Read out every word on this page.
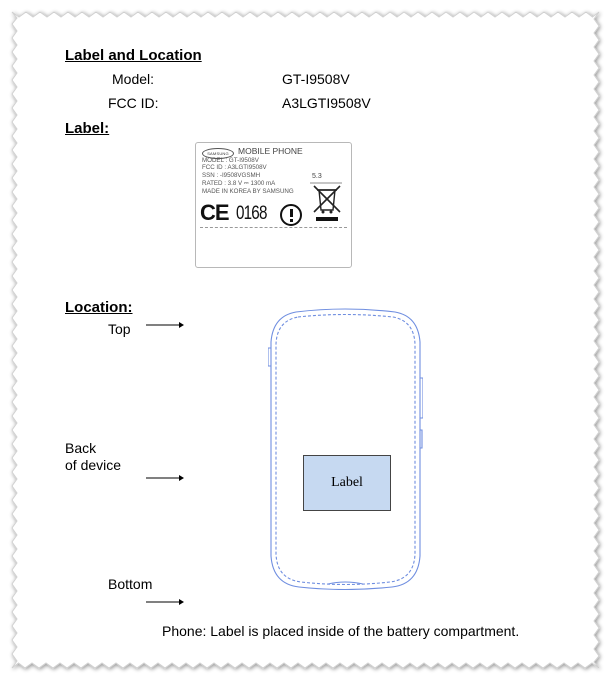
Label and Location
Model:	GT-I9508V
FCC ID:	A3LGTI9508V
Label:
SAMSUNG	MOBILE PHONE
MODEL : GT-I9508V
FCC ID : A3LGTI9508V
SSN : -I9508VGSMH
RATED : 3.8 V ⎓ 1300 mA
MADE IN KOREA BY SAMSUNG
5.3
CE 0168
Location:
Top
Back
of device
Bottom
Label
Phone: Label is placed inside of the battery compartment.
